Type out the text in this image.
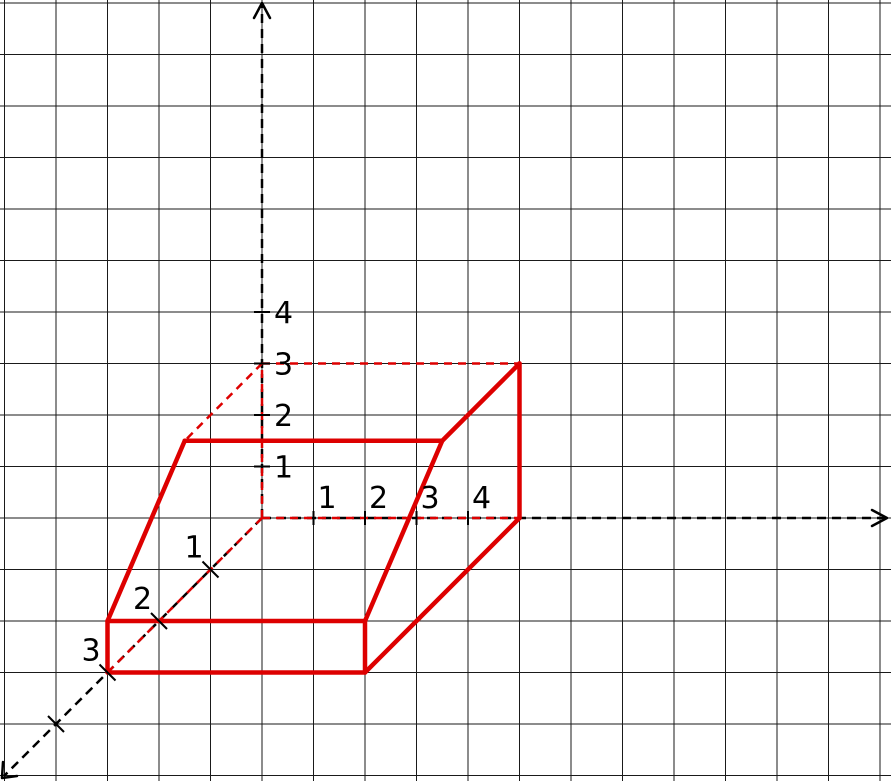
1 2 3 4
1
2
3
4
1
2
3
